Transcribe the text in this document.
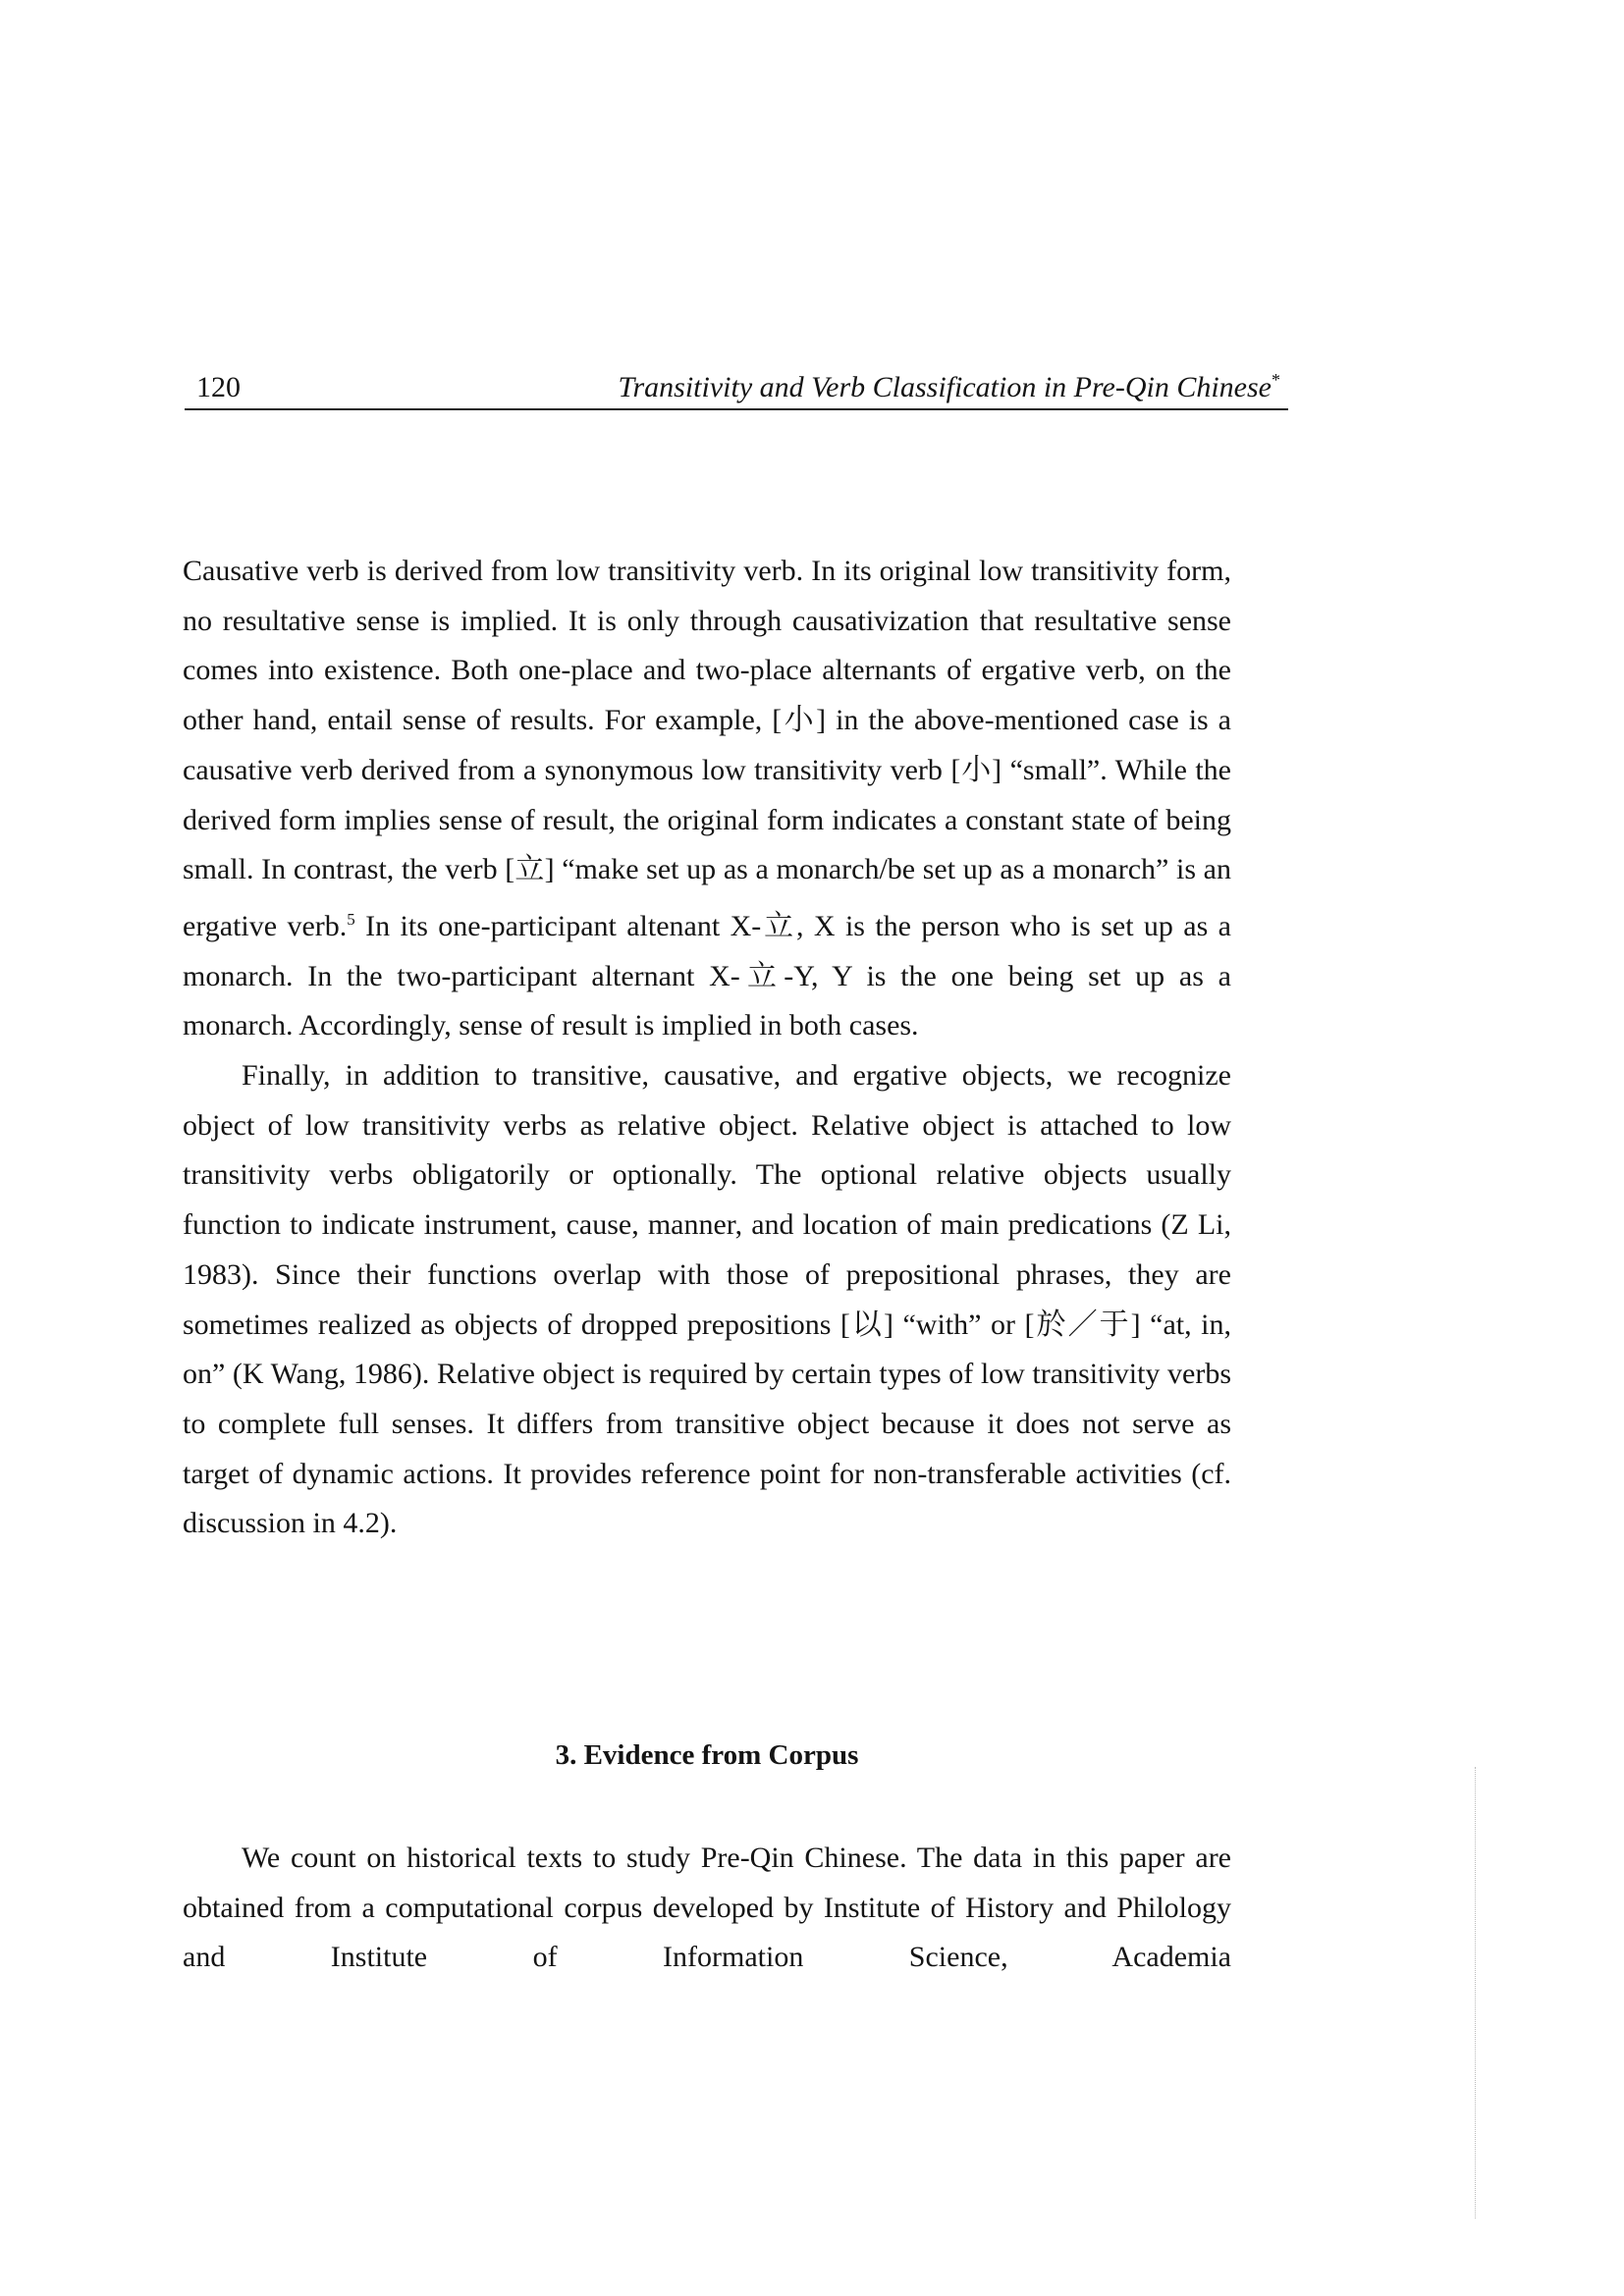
120	Transitivity and Verb Classification in Pre-Qin Chinese*

Causative verb is derived from low transitivity verb. In its original low transitivity form, no resultative sense is implied. It is only through causativization that resultative sense comes into existence. Both one-place and two-place alternants of ergative verb, on the other hand, entail sense of results. For example, [小] in the above-mentioned case is a causative verb derived from a synonymous low transitivity verb [小] “small”. While the derived form implies sense of result, the original form indicates a constant state of being small. In contrast, the verb [立] “make set up as a monarch/be set up as a monarch” is an ergative verb.$^5$ In its one-participant altenant X-立, X is the person who is set up as a monarch. In the two-participant alternant X-立-Y, Y is the one being set up as a monarch. Accordingly, sense of result is implied in both cases.

Finally, in addition to transitive, causative, and ergative objects, we recognize object of low transitivity verbs as relative object. Relative object is attached to low transitivity verbs obligatorily or optionally. The optional relative objects usually function to indicate instrument, cause, manner, and location of main predications (Z Li, 1983). Since their functions overlap with those of prepositional phrases, they are sometimes realized as objects of dropped prepositions [以] “with” or [於／于] “at, in, on” (K Wang, 1986). Relative object is required by certain types of low transitivity verbs to complete full senses. It differs from transitive object because it does not serve as target of dynamic actions. It provides reference point for non-transferable activities (cf. discussion in 4.2).

3. Evidence from Corpus

We count on historical texts to study Pre-Qin Chinese. The data in this paper are obtained from a computational corpus developed by Institute of History and Philology and Institute of Information Science, Academia
